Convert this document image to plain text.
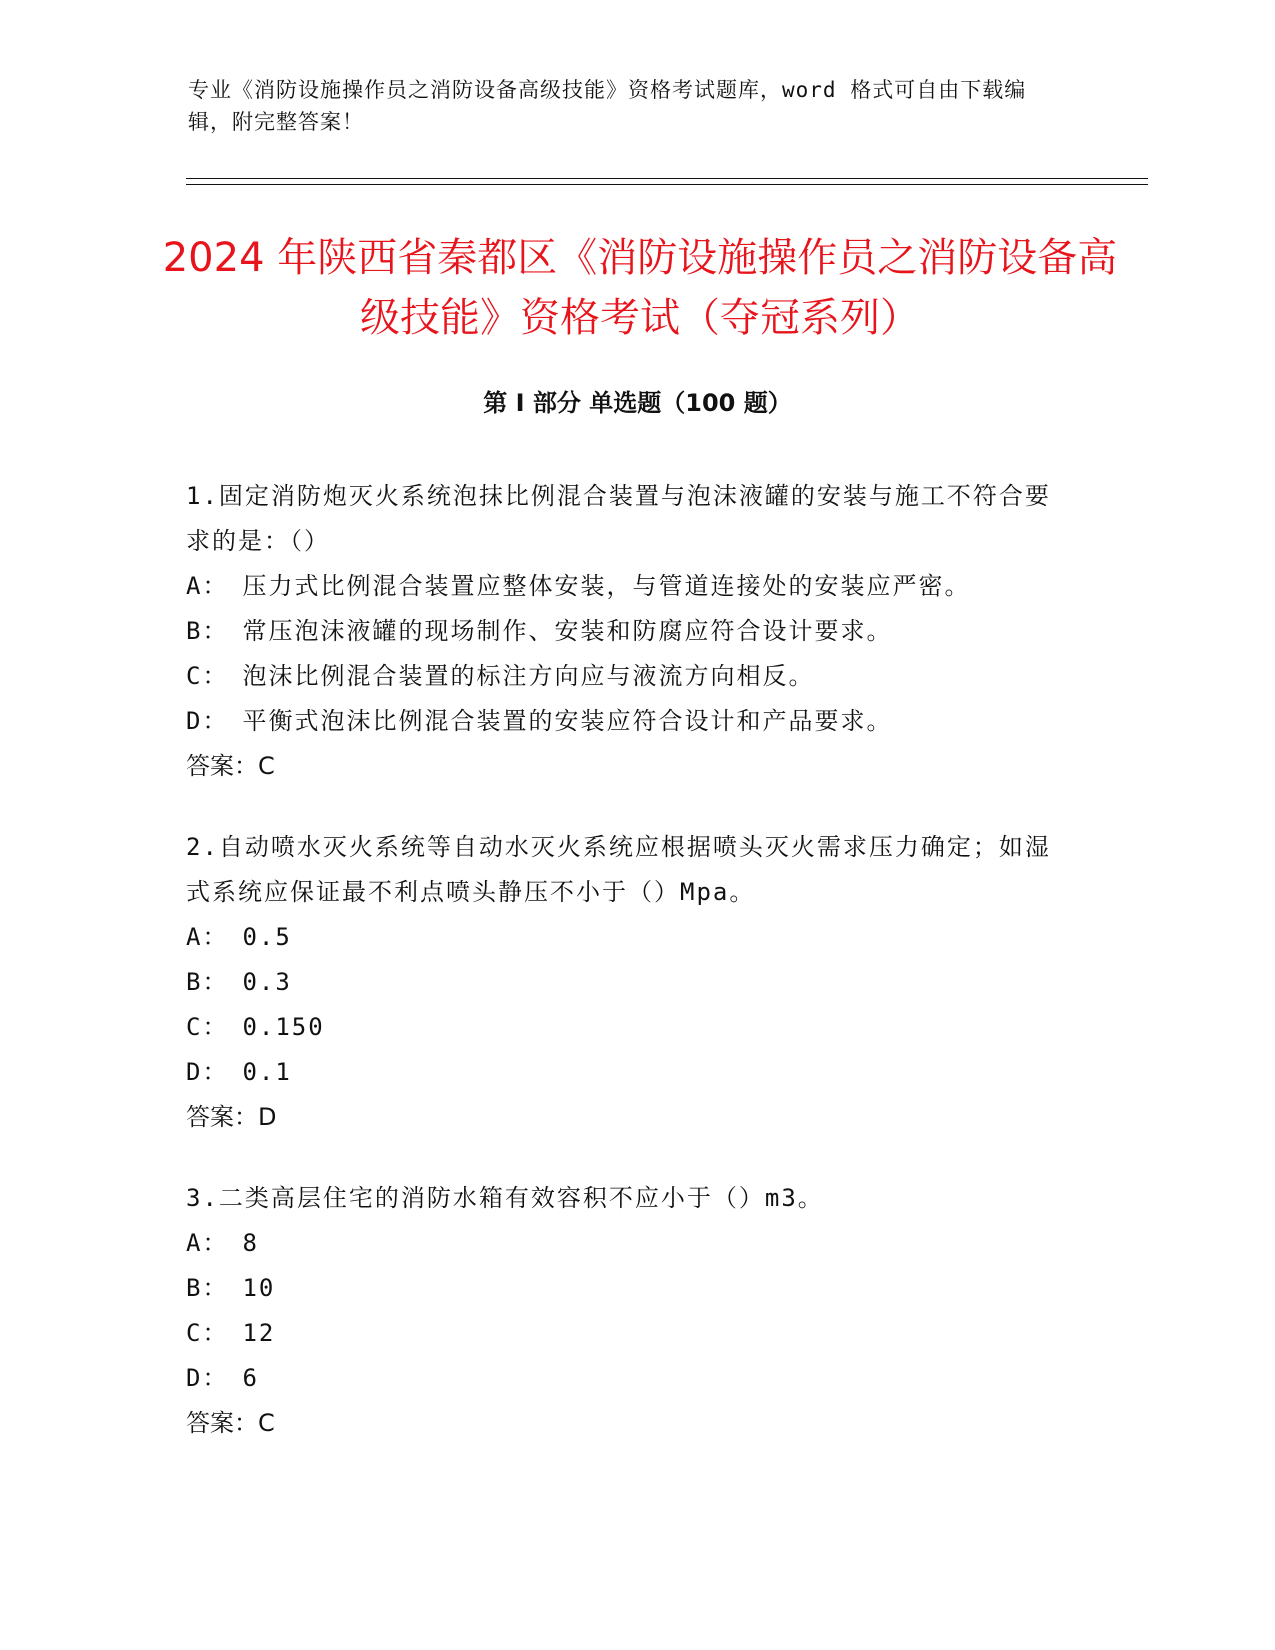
专业《消防设施操作员之消防设备高级技能》资格考试题库，word 格式可自由下载编辑，附完整答案！
2024 年陕西省秦都区《消防设施操作员之消防设备高级技能》资格考试（夺冠系列）
第 I 部分 单选题（100 题）
1.固定消防炮灭火系统泡抹比例混合装置与泡沫液罐的安装与施工不符合要求的是：（）
A： 压力式比例混合装置应整体安装，与管道连接处的安装应严密。
B： 常压泡沫液罐的现场制作、安装和防腐应符合设计要求。
C： 泡沫比例混合装置的标注方向应与液流方向相反。
D： 平衡式泡沫比例混合装置的安装应符合设计和产品要求。
答案：C
2.自动喷水灭火系统等自动水灭火系统应根据喷头灭火需求压力确定；如湿式系统应保证最不利点喷头静压不小于（）Mpa。
A： 0.5
B： 0.3
C： 0.150
D： 0.1
答案：D
3.二类高层住宅的消防水箱有效容积不应小于（）m3。
A： 8
B： 10
C： 12
D： 6
答案：C
